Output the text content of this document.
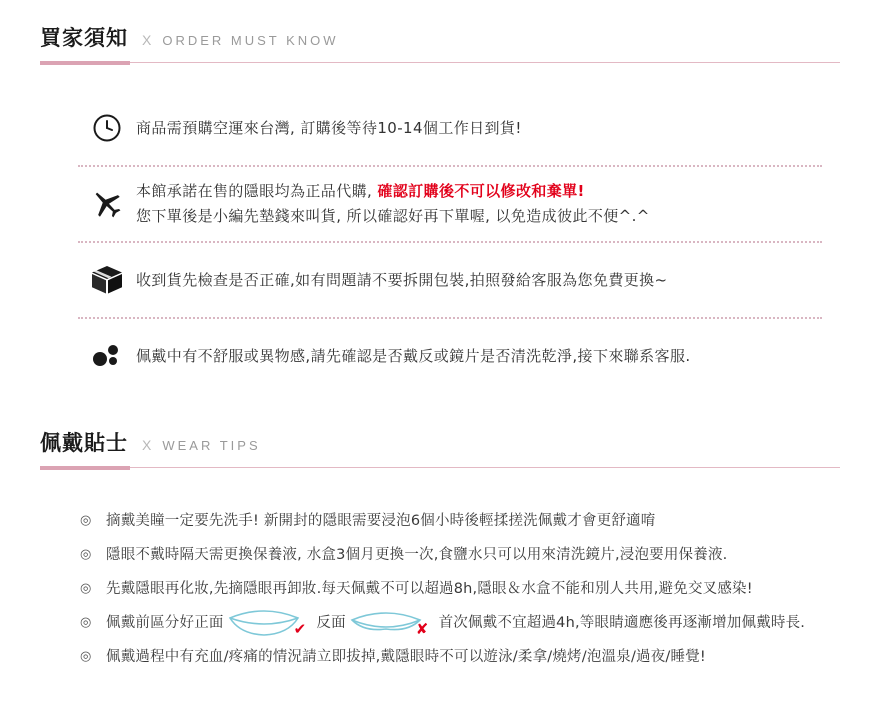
買家須知 X ORDER MUST KNOW
商品需預購空運來台灣, 訂購後等待10-14個工作日到貨!
本館承諾在售的隱眼均為正品代購, 確認訂購後不可以修改和棄單!
您下單後是小編先墊錢來叫貨, 所以確認好再下單喔, 以免造成彼此不便^.^
收到貨先檢查是否正確,如有問題請不要拆開包裝,拍照發給客服為您免費更換~
佩戴中有不舒服或異物感,請先確認是否戴反或鏡片是否清洗乾淨,接下來聯系客服.
佩戴貼士 X WEAR TIPS
◎ 摘戴美瞳一定要先洗手! 新開封的隱眼需要浸泡6個小時後輕揉搓洗佩戴才會更舒適唷
◎ 隱眼不戴時隔天需更換保養液, 水盒3個月更換一次,食鹽水只可以用來清洗鏡片,浸泡要用保養液.
◎ 先戴隱眼再化妝,先摘隱眼再卸妝.每天佩戴不可以超過8h,隱眼＆水盒不能和別人共用,避免交叉感染!
◎ 佩戴前區分好正面	✔ 反面	✘ 首次佩戴不宜超過4h,等眼睛適應後再逐漸增加佩戴時長.
◎ 佩戴過程中有充血/疼痛的情況請立即拔掉,戴隱眼時不可以遊泳/柔拿/燒烤/泡溫泉/過夜/睡覺!
